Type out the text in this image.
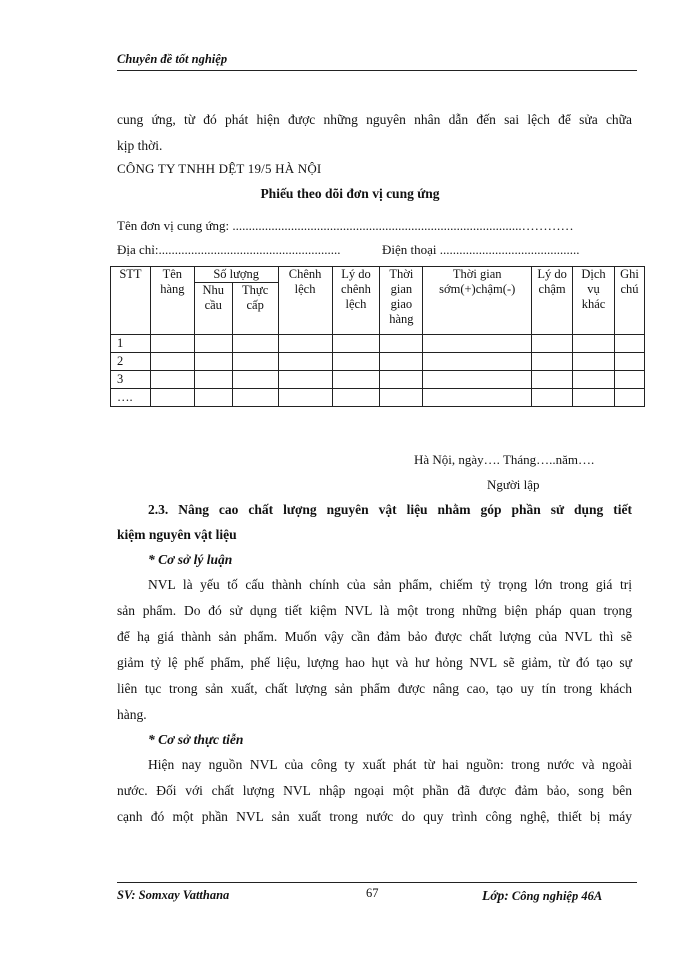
Chuyên đề tốt nghiệp
cung ứng, từ đó phát hiện được những nguyên nhân dẫn đến sai lệch để sửa chữa
kịp thời.
CÔNG TY TNHH DỆT 19/5 HÀ NỘI
Phiếu theo dõi đơn vị cung ứng
Tên đơn vị cung ứng: .........................................................................................…………
Địa chỉ:........................................................	Điện thoại ...........................................
STT	Tên hàng	Số lượng		Chênh lệch	Lý do chênh lệch	Thời gian giao hàng	Thời gian sớm(+)chậm(-)	Lý do chậm	Dịch vụ khác	Ghi chú
		Nhu cầu	Thực cấp							
1										
2										
3										
….										
Hà Nội, ngày…. Tháng…..năm….
Người lập
2.3. Nâng cao chất lượng nguyên vật liệu nhằm góp phần sử dụng tiết
kiệm nguyên vật liệu
* Cơ sở lý luận
NVL là yếu tố cấu thành chính của sản phẩm, chiếm tỷ trọng lớn trong giá trị
sản phẩm. Do đó sử dụng tiết kiệm NVL là một trong những biện pháp quan trọng
để hạ giá thành sản phẩm. Muốn vậy cần đảm bảo được chất lượng của NVL thì sẽ
giảm tỷ lệ phế phẩm, phế liệu, lượng hao hụt và hư hỏng NVL sẽ giảm, từ đó tạo sự
liên tục trong sản xuất, chất lượng sản phẩm được nâng cao, tạo uy tín trong khách
hàng.
* Cơ sở thực tiễn
Hiện nay nguồn NVL của công ty xuất phát từ hai nguồn: trong nước và ngoài
nước. Đối với chất lượng NVL nhập ngoại một phần đã được đảm bảo, song bên
cạnh đó một phần NVL sản xuất trong nước do quy trình công nghệ, thiết bị máy
SV: Somxay Vatthana	67	Lớp: Công nghiệp 46A
